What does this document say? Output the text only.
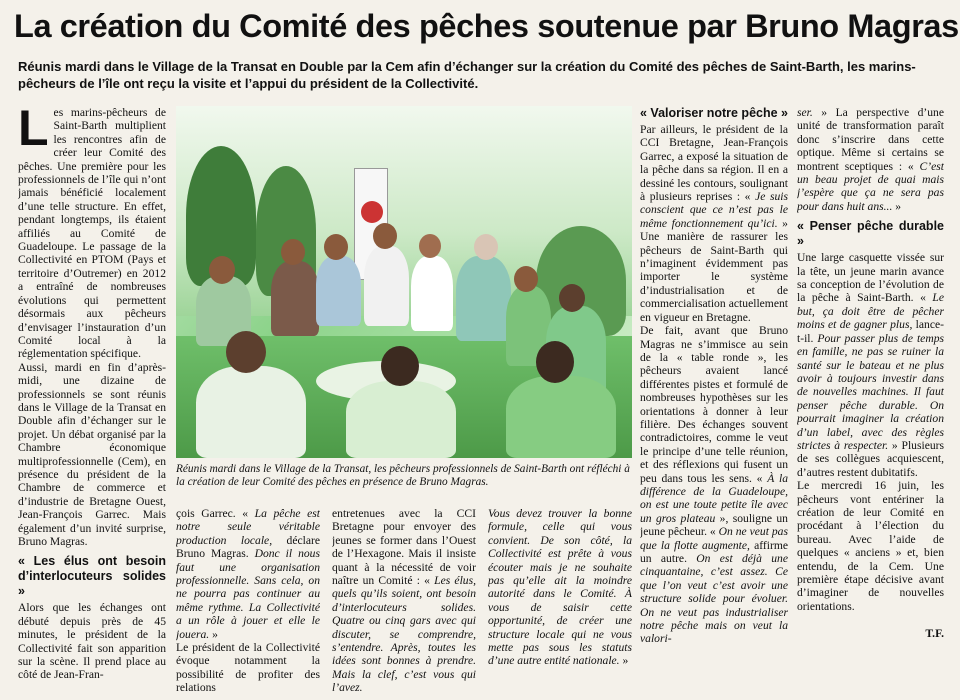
La création du Comité des pêches soutenue par Bruno Magras

Réunis mardi dans le Village de la Transat en Double par la Cem afin d’échanger sur la création du Comité des pêches de Saint-Barth, les marins-pêcheurs de l’île ont reçu la visite et l’appui du président de la Collectivité.

Les marins-pêcheurs de Saint-Barth multiplient les rencontres afin de créer leur Comité des pêches. Une première pour les professionnels de l’île qui n’ont jamais bénéficié localement d’une telle structure. En effet, pendant longtemps, ils étaient affiliés au Comité de Guadeloupe. Le passage de la Collectivité en PTOM (Pays et territoire d’Outremer) en 2012 a entraîné de nombreuses évolutions qui permettent désormais aux pêcheurs d’envisager l’instauration d’un Comité local à la réglementation spécifique.

Aussi, mardi en fin d’après-midi, une dizaine de professionnels se sont réunis dans le Village de la Transat en Double afin d’échanger sur le projet. Un débat organisé par la Chambre économique multiprofessionnelle (Cem), en présence du président de la Chambre de commerce et d’industrie de Bretagne Ouest, Jean-François Garrec. Mais également d’un invité surprise, Bruno Magras.

« Les élus ont besoin d’interlocuteurs solides »

Alors que les échanges ont débuté depuis près de 45 minutes, le président de la Collectivité fait son apparition sur la scène. Il prend place au côté de Jean-Fran-

Réunis mardi dans le Village de la Transat, les pêcheurs professionnels de Saint-Barth ont réfléchi à la création de leur Comité des pêches en présence de Bruno Magras.

çois Garrec. « La pêche est notre seule véritable production locale, déclare Bruno Magras. Donc il nous faut une organisation professionnelle. Sans cela, on ne pourra pas continuer au même rythme. La Collectivité a un rôle à jouer et elle le jouera. »

Le président de la Collectivité évoque notamment la possibilité de profiter des relations

entretenues avec la CCI Bretagne pour envoyer des jeunes se former dans l’Ouest de l’Hexagone. Mais il insiste quant à la nécessité de voir naître un Comité : « Les élus, quels qu’ils soient, ont besoin d’interlocuteurs solides. Quatre ou cinq gars avec qui discuter, se comprendre, s’entendre. Après, toutes les idées sont bonnes à prendre. Mais la clef, c’est vous qui l’avez.

Vous devez trouver la bonne formule, celle qui vous convient. De son côté, la Collectivité est prête à vous écouter mais je ne souhaite pas qu’elle ait la moindre autorité dans le Comité. À vous de saisir cette opportunité, de créer une structure locale qui ne vous mette pas sous les statuts d’une autre entité nationale. »

« Valoriser notre pêche »

Par ailleurs, le président de la CCI Bretagne, Jean-François Garrec, a exposé la situation de la pêche dans sa région. Il en a dessiné les contours, soulignant à plusieurs reprises : « Je suis conscient que ce n’est pas le même fonctionnement qu’ici. » Une manière de rassurer les pêcheurs de Saint-Barth qui n’imaginent évidemment pas importer le système d’industrialisation et de commercialisation actuellement en vigueur en Bretagne.

De fait, avant que Bruno Magras ne s’immisce au sein de la « table ronde », les pêcheurs avaient lancé différentes pistes et formulé de nombreuses hypothèses sur les orientations à donner à leur filière. Des échanges souvent contradictoires, comme le veut le principe d’une telle réunion, et des réflexions qui fusent un peu dans tous les sens. « À la différence de la Guadeloupe, on est une toute petite île avec un gros plateau », souligne un jeune pêcheur. « On ne veut pas que la flotte augmente, affirme un autre. On est déjà une cinquantaine, c’est assez. Ce que l’on veut c’est avoir une structure solide pour évoluer. On ne veut pas industrialiser notre pêche mais on veut la valori-

ser. » La perspective d’une unité de transformation paraît donc s’inscrire dans cette optique. Même si certains se montrent sceptiques : « C’est un beau projet de quai mais j’espère que ça ne sera pas pour dans huit ans... »

« Penser pêche durable »

Une large casquette vissée sur la tête, un jeune marin avance sa conception de l’évolution de la pêche à Saint-Barth. « Le but, ça doit être de pêcher moins et de gagner plus, lance-t-il. Pour passer plus de temps en famille, ne pas se ruiner la santé sur le bateau et ne plus avoir à toujours investir dans de nouvelles machines. Il faut penser pêche durable. On pourrait imaginer la création d’un label, avec des règles strictes à respecter. » Plusieurs de ses collègues acquiescent, d’autres restent dubitatifs.

Le mercredi 16 juin, les pêcheurs vont entériner la création de leur Comité en procédant à l’élection du bureau. Avec l’aide de quelques « anciens » et, bien entendu, de la Cem. Une première étape décisive avant d’imaginer de nouvelles orientations.

T.F.
